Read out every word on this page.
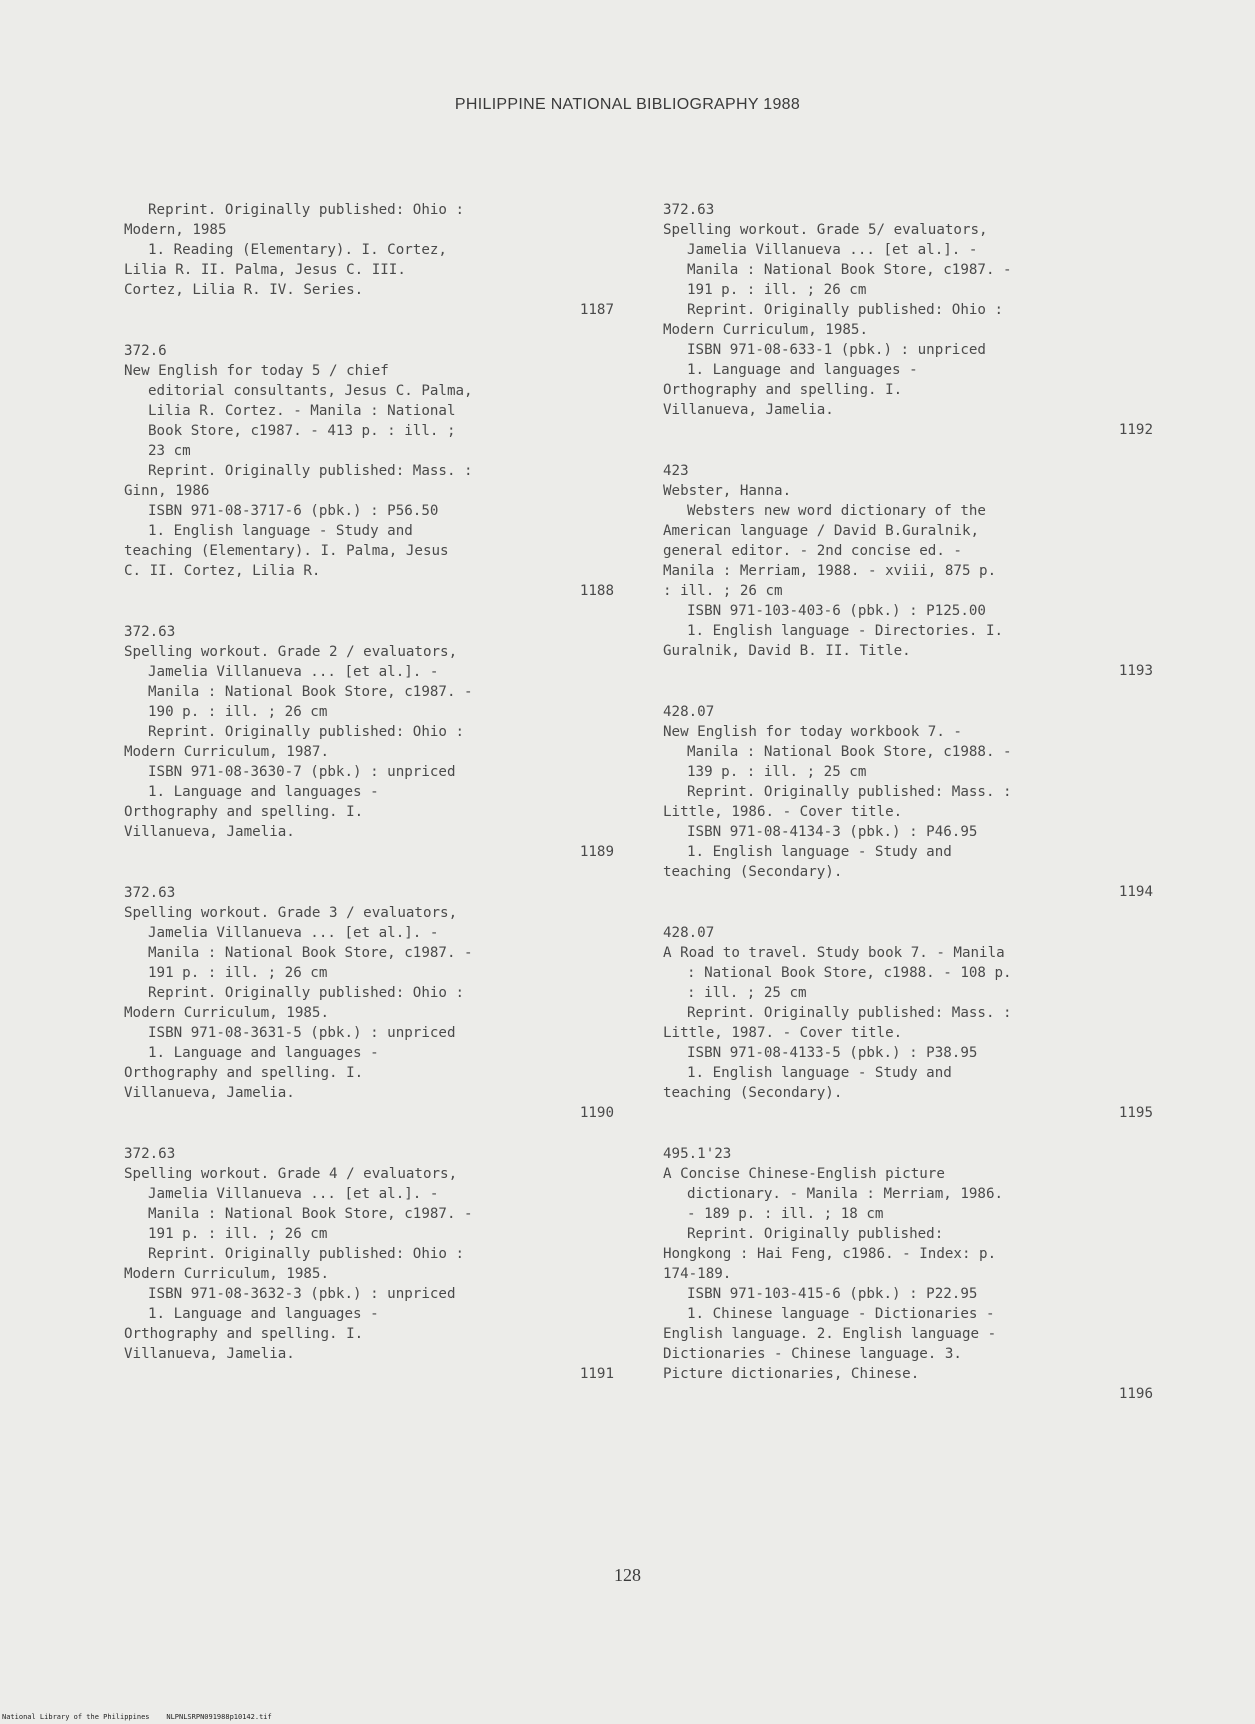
PHILIPPINE NATIONAL BIBLIOGRAPHY 1988
Reprint. Originally published: Ohio :
Modern, 1985
1. Reading (Elementary). I. Cortez,
Lilia R. II. Palma, Jesus C. III.
Cortez, Lilia R. IV. Series.
1187
372.6
New English for today 5 / chief
editorial consultants, Jesus C. Palma,
Lilia R. Cortez. - Manila : National
Book Store, c1987. - 413 p. : ill. ;
23 cm
Reprint. Originally published: Mass. :
Ginn, 1986
ISBN 971-08-3717-6 (pbk.) : P56.50
1. English language - Study and
teaching (Elementary). I. Palma, Jesus
C. II. Cortez, Lilia R.
1188
372.63
Spelling workout. Grade 2 / evaluators,
Jamelia Villanueva ... [et al.]. -
Manila : National Book Store, c1987. -
190 p. : ill. ; 26 cm
Reprint. Originally published: Ohio :
Modern Curriculum, 1987.
ISBN 971-08-3630-7 (pbk.) : unpriced
1. Language and languages -
Orthography and spelling. I.
Villanueva, Jamelia.
1189
372.63
Spelling workout. Grade 3 / evaluators,
Jamelia Villanueva ... [et al.]. -
Manila : National Book Store, c1987. -
191 p. : ill. ; 26 cm
Reprint. Originally published: Ohio :
Modern Curriculum, 1985.
ISBN 971-08-3631-5 (pbk.) : unpriced
1. Language and languages -
Orthography and spelling. I.
Villanueva, Jamelia.
1190
372.63
Spelling workout. Grade 4 / evaluators,
Jamelia Villanueva ... [et al.]. -
Manila : National Book Store, c1987. -
191 p. : ill. ; 26 cm
Reprint. Originally published: Ohio :
Modern Curriculum, 1985.
ISBN 971-08-3632-3 (pbk.) : unpriced
1. Language and languages -
Orthography and spelling. I.
Villanueva, Jamelia.
1191
372.63
Spelling workout. Grade 5/ evaluators,
Jamelia Villanueva ... [et al.]. -
Manila : National Book Store, c1987. -
191 p. : ill. ; 26 cm
Reprint. Originally published: Ohio :
Modern Curriculum, 1985.
ISBN 971-08-633-1 (pbk.) : unpriced
1. Language and languages -
Orthography and spelling. I.
Villanueva, Jamelia.
1192
423
Webster, Hanna.
Websters new word dictionary of the
American language / David B.Guralnik,
general editor. - 2nd concise ed. -
Manila : Merriam, 1988. - xviii, 875 p.
: ill. ; 26 cm
ISBN 971-103-403-6 (pbk.) : P125.00
1. English language - Directories. I.
Guralnik, David B. II. Title.
1193
428.07
New English for today workbook 7. -
Manila : National Book Store, c1988. -
139 p. : ill. ; 25 cm
Reprint. Originally published: Mass. :
Little, 1986. - Cover title.
ISBN 971-08-4134-3 (pbk.) : P46.95
1. English language - Study and
teaching (Secondary).
1194
428.07
A Road to travel. Study book 7. - Manila
: National Book Store, c1988. - 108 p.
: ill. ; 25 cm
Reprint. Originally published: Mass. :
Little, 1987. - Cover title.
ISBN 971-08-4133-5 (pbk.) : P38.95
1. English language - Study and
teaching (Secondary).
1195
495.1'23
A Concise Chinese-English picture
dictionary. - Manila : Merriam, 1986.
- 189 p. : ill. ; 18 cm
Reprint. Originally published:
Hongkong : Hai Feng, c1986. - Index: p.
174-189.
ISBN 971-103-415-6 (pbk.) : P22.95
1. Chinese language - Dictionaries -
English language. 2. English language -
Dictionaries - Chinese language. 3.
Picture dictionaries, Chinese.
1196
128
National Library of the Philippines    NLPNLSRPN091988p10142.tif
